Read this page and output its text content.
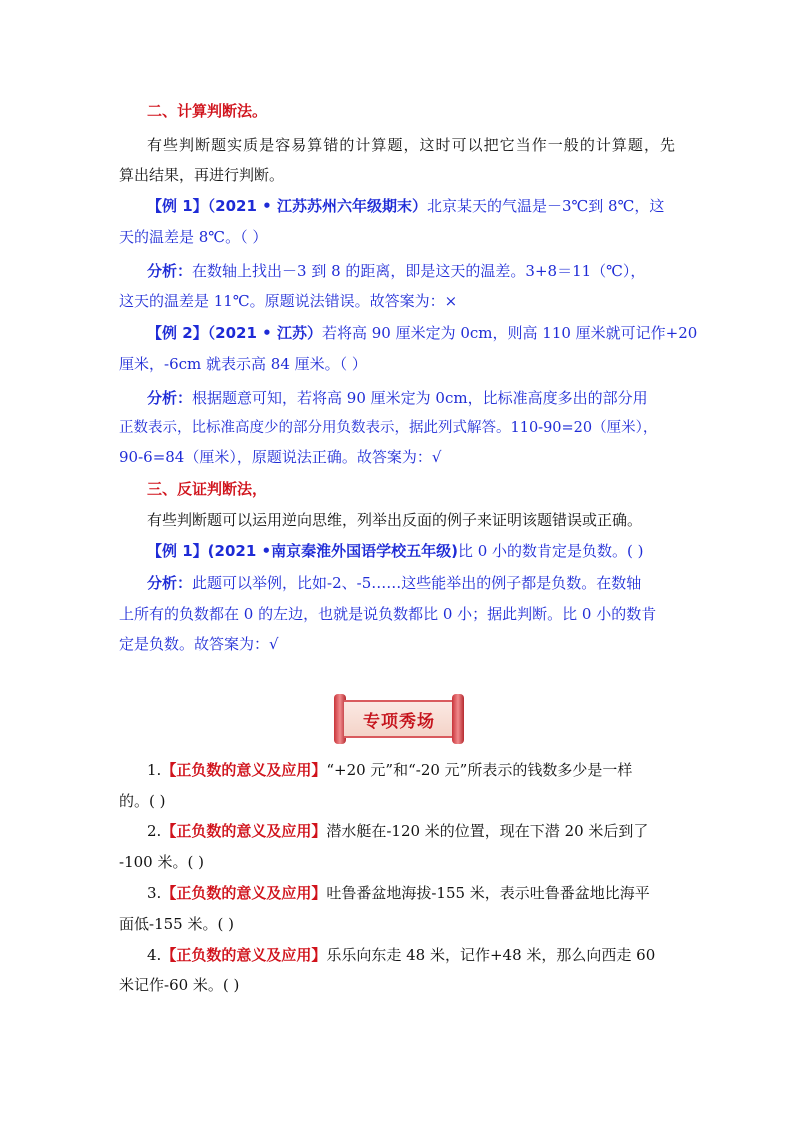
二、计算判断法。
有些判断题实质是容易算错的计算题，这时可以把它当作一般的计算题，先
算出结果，再进行判断。
【例 1】（2021 • 江苏苏州六年级期末）北京某天的气温是－3℃到 8℃，这
天的温差是 8℃。（ ）
分析：在数轴上找出－3 到 8 的距离，即是这天的温差。3+8＝11（℃），
这天的温差是 11℃。原题说法错误。故答案为：×
【例 2】（2021 • 江苏）若将高 90 厘米定为 0cm，则高 110 厘米就可记作+20
厘米，-6cm 就表示高 84 厘米。（ ）
分析：根据题意可知，若将高 90 厘米定为 0cm，比标准高度多出的部分用
正数表示，比标准高度少的部分用负数表示，据此列式解答。110-90=20（厘米），
90-6=84（厘米），原题说法正确。故答案为：√
三、反证判断法，
有些判断题可以运用逆向思维，列举出反面的例子来证明该题错误或正确。
【例 1】(2021 •南京秦淮外国语学校五年级)比 0 小的数肯定是负数。( )
分析：此题可以举例，比如-2、-5……这些能举出的例子都是负数。在数轴
上所有的负数都在 0 的左边，也就是说负数都比 0 小；据此判断。比 0 小的数肯
定是负数。故答案为：√
专项秀场
1.【正负数的意义及应用】“+20 元”和“-20 元”所表示的钱数多少是一样
的。( )
2.【正负数的意义及应用】潜水艇在-120 米的位置，现在下潜 20 米后到了
-100 米。( )
3.【正负数的意义及应用】吐鲁番盆地海拔-155 米，表示吐鲁番盆地比海平
面低-155 米。( )
4.【正负数的意义及应用】乐乐向东走 48 米，记作+48 米，那么向西走 60
米记作-60 米。( )
